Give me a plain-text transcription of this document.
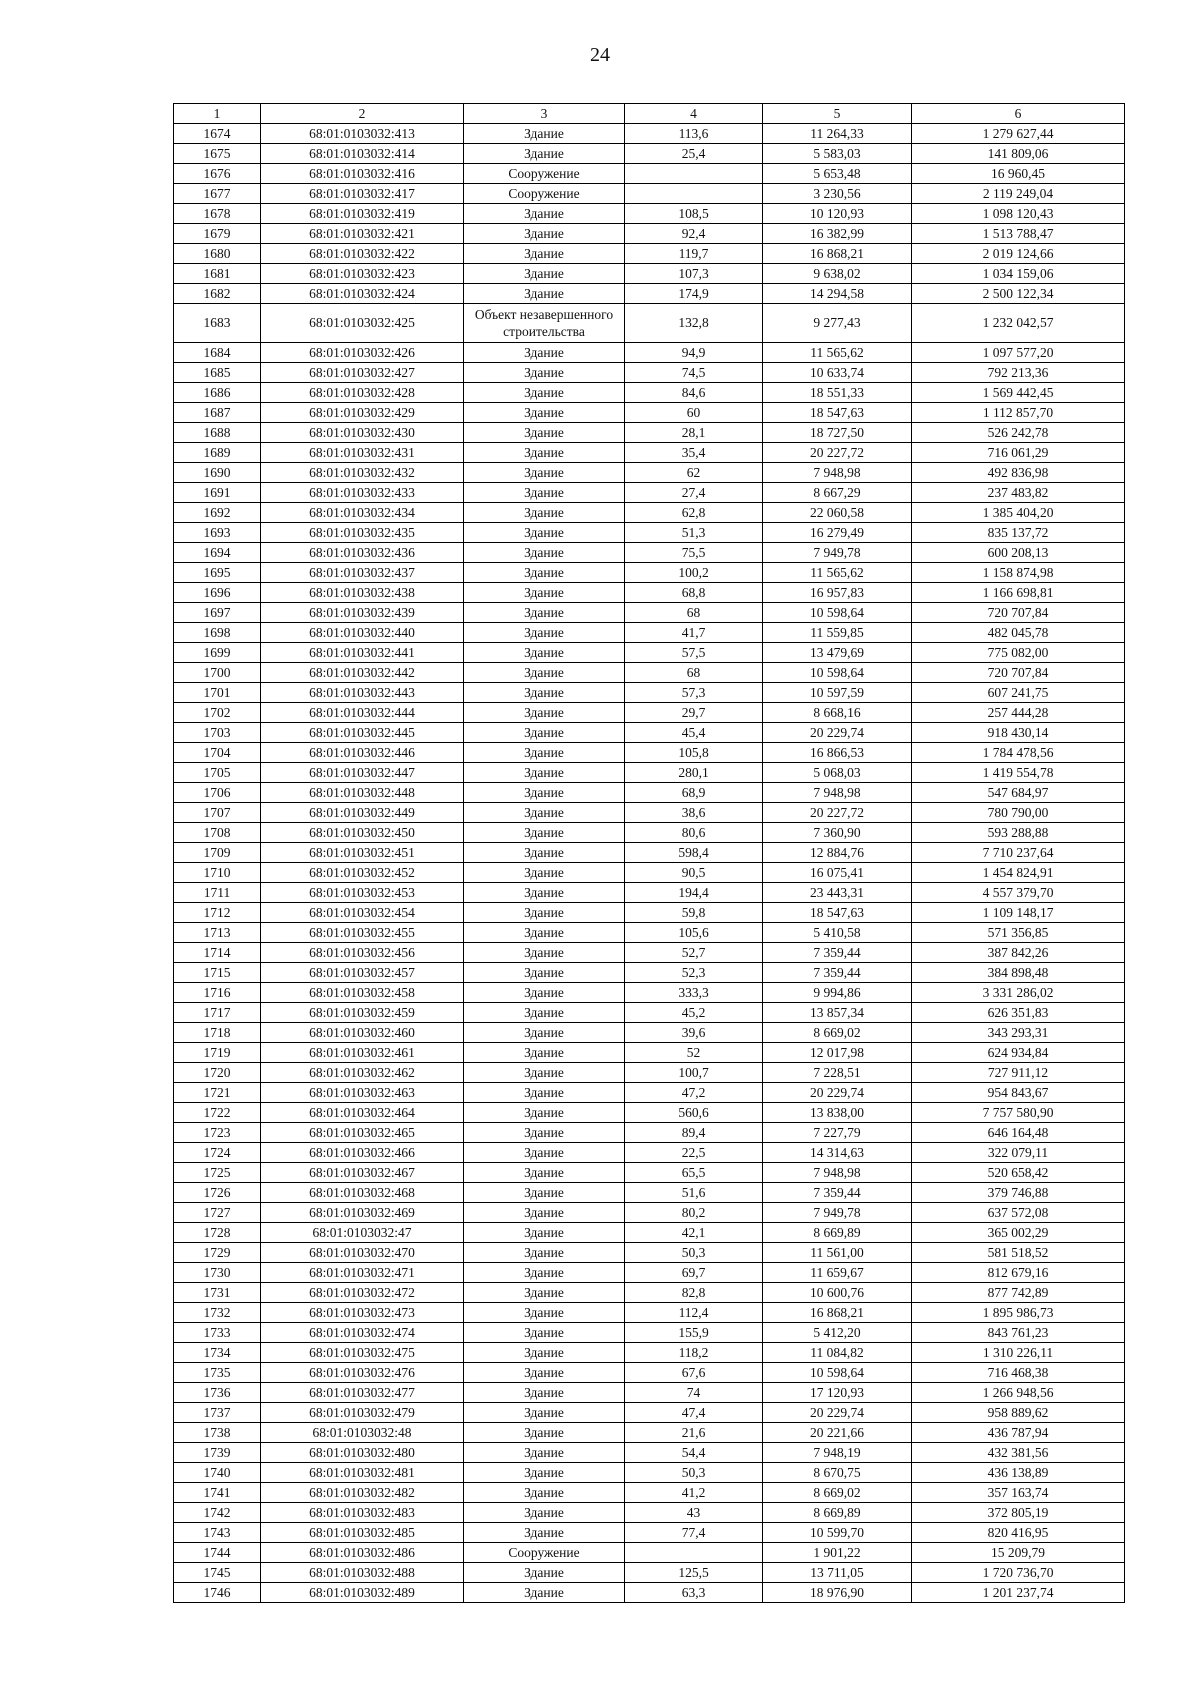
24
1	2	3	4	5	6
1674	68:01:0103032:413	Здание	113,6	11 264,33	1 279 627,44
1675	68:01:0103032:414	Здание	25,4	5 583,03	141 809,06
1676	68:01:0103032:416	Сооружение		5 653,48	16 960,45
1677	68:01:0103032:417	Сооружение		3 230,56	2 119 249,04
1678	68:01:0103032:419	Здание	108,5	10 120,93	1 098 120,43
1679	68:01:0103032:421	Здание	92,4	16 382,99	1 513 788,47
1680	68:01:0103032:422	Здание	119,7	16 868,21	2 019 124,66
1681	68:01:0103032:423	Здание	107,3	9 638,02	1 034 159,06
1682	68:01:0103032:424	Здание	174,9	14 294,58	2 500 122,34
1683	68:01:0103032:425	Объект незавершенного строительства	132,8	9 277,43	1 232 042,57
1684	68:01:0103032:426	Здание	94,9	11 565,62	1 097 577,20
1685	68:01:0103032:427	Здание	74,5	10 633,74	792 213,36
1686	68:01:0103032:428	Здание	84,6	18 551,33	1 569 442,45
1687	68:01:0103032:429	Здание	60	18 547,63	1 112 857,70
1688	68:01:0103032:430	Здание	28,1	18 727,50	526 242,78
1689	68:01:0103032:431	Здание	35,4	20 227,72	716 061,29
1690	68:01:0103032:432	Здание	62	7 948,98	492 836,98
1691	68:01:0103032:433	Здание	27,4	8 667,29	237 483,82
1692	68:01:0103032:434	Здание	62,8	22 060,58	1 385 404,20
1693	68:01:0103032:435	Здание	51,3	16 279,49	835 137,72
1694	68:01:0103032:436	Здание	75,5	7 949,78	600 208,13
1695	68:01:0103032:437	Здание	100,2	11 565,62	1 158 874,98
1696	68:01:0103032:438	Здание	68,8	16 957,83	1 166 698,81
1697	68:01:0103032:439	Здание	68	10 598,64	720 707,84
1698	68:01:0103032:440	Здание	41,7	11 559,85	482 045,78
1699	68:01:0103032:441	Здание	57,5	13 479,69	775 082,00
1700	68:01:0103032:442	Здание	68	10 598,64	720 707,84
1701	68:01:0103032:443	Здание	57,3	10 597,59	607 241,75
1702	68:01:0103032:444	Здание	29,7	8 668,16	257 444,28
1703	68:01:0103032:445	Здание	45,4	20 229,74	918 430,14
1704	68:01:0103032:446	Здание	105,8	16 866,53	1 784 478,56
1705	68:01:0103032:447	Здание	280,1	5 068,03	1 419 554,78
1706	68:01:0103032:448	Здание	68,9	7 948,98	547 684,97
1707	68:01:0103032:449	Здание	38,6	20 227,72	780 790,00
1708	68:01:0103032:450	Здание	80,6	7 360,90	593 288,88
1709	68:01:0103032:451	Здание	598,4	12 884,76	7 710 237,64
1710	68:01:0103032:452	Здание	90,5	16 075,41	1 454 824,91
1711	68:01:0103032:453	Здание	194,4	23 443,31	4 557 379,70
1712	68:01:0103032:454	Здание	59,8	18 547,63	1 109 148,17
1713	68:01:0103032:455	Здание	105,6	5 410,58	571 356,85
1714	68:01:0103032:456	Здание	52,7	7 359,44	387 842,26
1715	68:01:0103032:457	Здание	52,3	7 359,44	384 898,48
1716	68:01:0103032:458	Здание	333,3	9 994,86	3 331 286,02
1717	68:01:0103032:459	Здание	45,2	13 857,34	626 351,83
1718	68:01:0103032:460	Здание	39,6	8 669,02	343 293,31
1719	68:01:0103032:461	Здание	52	12 017,98	624 934,84
1720	68:01:0103032:462	Здание	100,7	7 228,51	727 911,12
1721	68:01:0103032:463	Здание	47,2	20 229,74	954 843,67
1722	68:01:0103032:464	Здание	560,6	13 838,00	7 757 580,90
1723	68:01:0103032:465	Здание	89,4	7 227,79	646 164,48
1724	68:01:0103032:466	Здание	22,5	14 314,63	322 079,11
1725	68:01:0103032:467	Здание	65,5	7 948,98	520 658,42
1726	68:01:0103032:468	Здание	51,6	7 359,44	379 746,88
1727	68:01:0103032:469	Здание	80,2	7 949,78	637 572,08
1728	68:01:0103032:47	Здание	42,1	8 669,89	365 002,29
1729	68:01:0103032:470	Здание	50,3	11 561,00	581 518,52
1730	68:01:0103032:471	Здание	69,7	11 659,67	812 679,16
1731	68:01:0103032:472	Здание	82,8	10 600,76	877 742,89
1732	68:01:0103032:473	Здание	112,4	16 868,21	1 895 986,73
1733	68:01:0103032:474	Здание	155,9	5 412,20	843 761,23
1734	68:01:0103032:475	Здание	118,2	11 084,82	1 310 226,11
1735	68:01:0103032:476	Здание	67,6	10 598,64	716 468,38
1736	68:01:0103032:477	Здание	74	17 120,93	1 266 948,56
1737	68:01:0103032:479	Здание	47,4	20 229,74	958 889,62
1738	68:01:0103032:48	Здание	21,6	20 221,66	436 787,94
1739	68:01:0103032:480	Здание	54,4	7 948,19	432 381,56
1740	68:01:0103032:481	Здание	50,3	8 670,75	436 138,89
1741	68:01:0103032:482	Здание	41,2	8 669,02	357 163,74
1742	68:01:0103032:483	Здание	43	8 669,89	372 805,19
1743	68:01:0103032:485	Здание	77,4	10 599,70	820 416,95
1744	68:01:0103032:486	Сооружение		1 901,22	15 209,79
1745	68:01:0103032:488	Здание	125,5	13 711,05	1 720 736,70
1746	68:01:0103032:489	Здание	63,3	18 976,90	1 201 237,74
